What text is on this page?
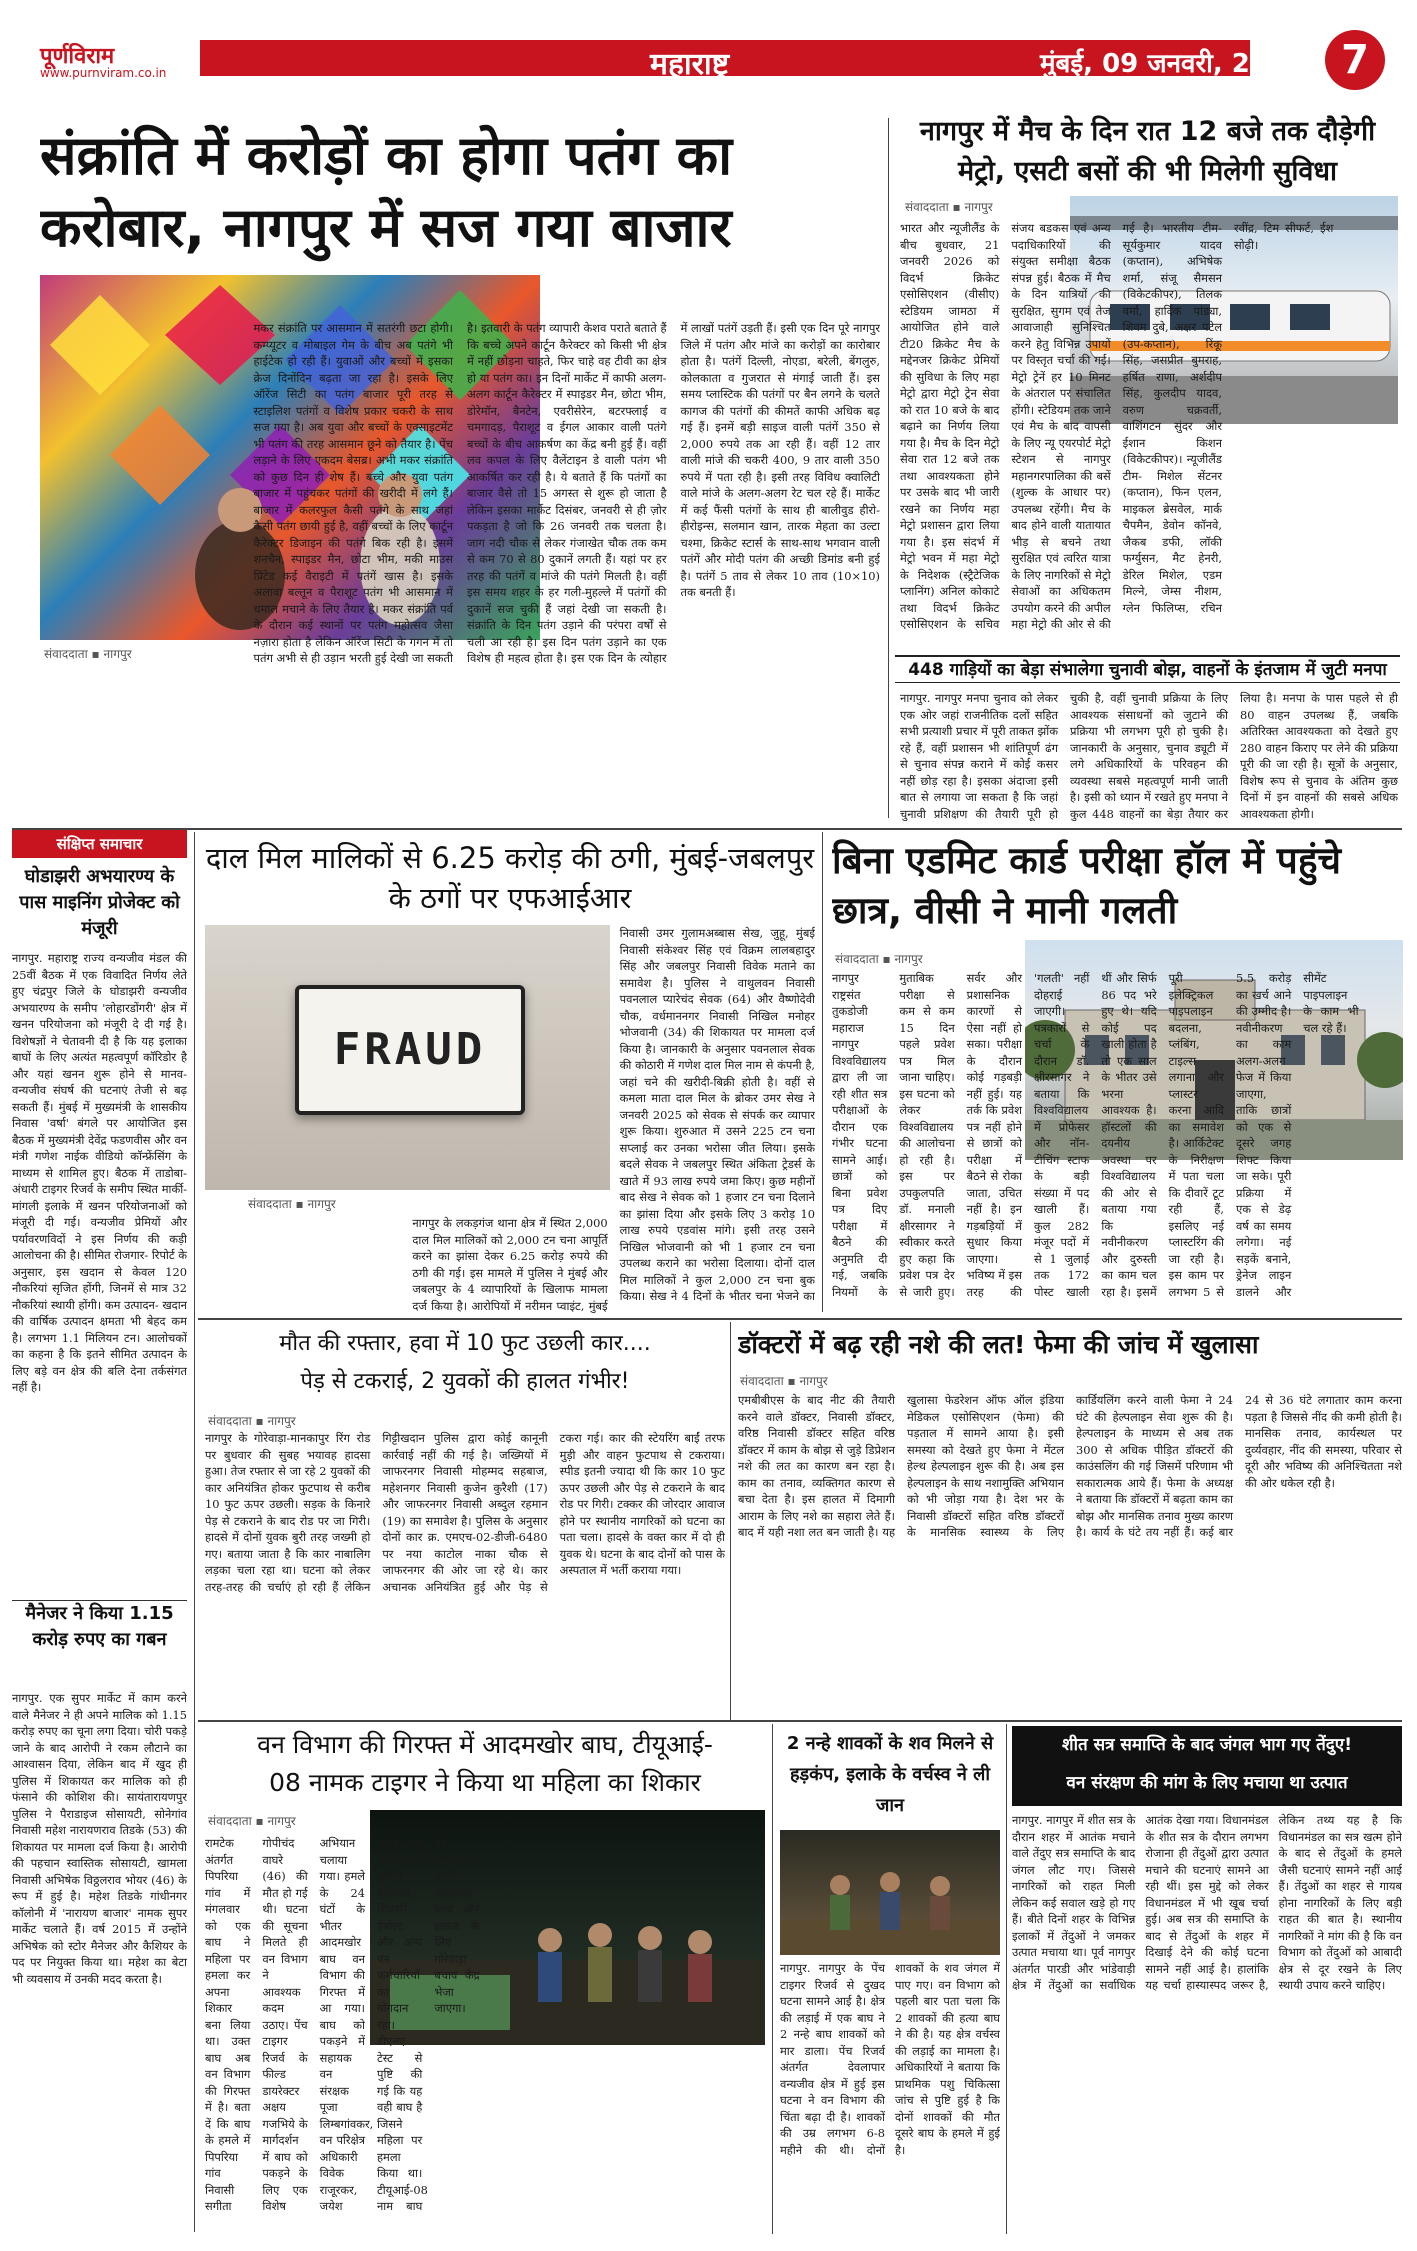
पूर्णविराम
www.purnviram.co.in	महाराष्ट्र	मुंबई, 09 जनवरी, 2026 7
संक्रांति में करोड़ों का होगा पतंग का
करोबार, नागपुर में सज गया बाजार
संवाददाता ▪ नागपुर

मकर संक्रांति पर आसमान में सतरंगी छटा होगी। कम्प्यूटर व मोबाइल गेम के बीच अब पतंगे भी हाईटेक हो रही हैं। युवाओं और बच्चों में इसका क्रेज दिनोंदिन बढ़ता जा रहा है। इसके लिए ऑरेंज सिटी का पतंग बाजार पूरी तरह से स्टाइलिश पतंगों व विशेष प्रकार चकरी के साथ सज गया है। अब युवा और बच्चों के एक्साइटमेंट भी पतंग की तरह आसमान छूने को तैयार है। पेंच लड़ाने के लिए एकदम बेसब्र। अभी मकर संक्रांति को कुछ दिन ही शेष हैं। बच्चे और युवा पतंग बाजार में पहुंचकर पतंगों की खरीदी में लगे हैं। बाजार में कलरफुल कैसी पतंगे के साथ जहां कैसी पतंग छायी हुई है, वहीं बच्चों के लिए कार्टून कैरेक्टर डिजाइन की पतंगे बिक रही है। इसमें शनचैन, स्पाइडर मैन, छोटा भीम, मकी माउस प्रिंटेड कई वैराइटी में पतंगें खास है। इसके अलावा बल्तून व पैराशूट पतंग भी आसमान में धमाल मचाने के लिए तैयार है। मकर संक्रांति पर्व के दौरान कई स्थानों पर पतंग महोत्सव जैसा नज़ारा होता है लेकिन ऑरेंज सिटी के गगन में तो पतंग अभी से ही उड़ान भरती हुई देखी जा सकती है। इतवारी के पतंग व्यापारी केशव पराते बताते हैं कि बच्चे अपने कार्टून कैरेक्टर को किसी भी क्षेत्र में नहीं छोड़ना चाहते, फिर चाहे वह टीवी का क्षेत्र हो या पतंग का। इन दिनों मार्केट में काफी अलग-अलग कार्टून कैरेक्टर में स्पाइडर मैन, छोटा भीम, डोरेमॉन, बैनटेन, एवरीसेरेन, बटरफ्लाई व चमगादड़, पैराशूट व ईगल आकार वाली पतंगे बच्चों के बीच आकर्षण का केंद्र बनी हुई हैं। वहीं लव कपल के लिए वैलेंटाइन डे वाली पतंग भी आकर्षित कर रही है। ये बताते हैं कि पतंगों का बाजार वैसे तो 15 अगस्त से शुरू हो जाता है लेकिन इसका मार्केट दिसंबर, जनवरी से ही ज़ोर पकड़ता है जो कि 26 जनवरी तक चलता है। जाग नदी चौक से लेकर गंजाखेत चौक तक कम से कम 70 से 80 दुकानें लगती हैं। यहां पर हर तरह की पतंगें व मांजे की पतंगे मिलती है। वहीं इस समय शहर के हर गली-मुहल्ले में पतंगों की दुकानें सज चुकी हैं जहां देखी जा सकती है। संक्रांति के दिन पतंग उड़ाने की परंपरा वर्षों से चली आ रही है। इस दिन पतंग उड़ाने का एक विशेष ही महत्व होता है। इस एक दिन के त्योहार में लाखों पतंगें उड़ती हैं। इसी एक दिन पूरे नागपुर जिले में पतंग और मांजे का करोड़ों का कारोबार होता है। पतंगें दिल्ली, नोएडा, बरेली, बेंगलुरु, कोलकाता व गुजरात से मंगाई जाती हैं। इस समय प्लास्टिक की पतंगों पर बैन लगने के चलते कागज की पतंगों की कीमतें काफी अधिक बढ़ गई हैं। इनमें बड़ी साइज वाली पतंगें 350 से 2,000 रुपये तक आ रही हैं। वहीं 12 तार वाली मांजे की चकरी 400, 9 तार वाली 350 रुपये में पता रही है। इसी तरह विविध क्वालिटी वाले मांजे के अलग-अलग रेट चल रहे हैं। मार्केट में कई फैंसी पतंगों के साथ ही बालीवुड हीरो-हीरोइन्स, सलमान खान, तारक मेहता का उल्टा चश्मा, क्रिकेट स्टार्स के साथ-साथ भगवान वाली पतंगें और मोदी पतंग की अच्छी डिमांड बनी हुई है। पतंगें 5 ताव से लेकर 10 ताव (10×10) तक बनती हैं।

नागपुर में मैच के दिन रात 12 बजे तक दौड़ेगी मेट्रो, एसटी बसों की भी मिलेगी सुविधा
संवाददाता ▪ नागपुर

भारत और न्यूजीलैंड के बीच बुधवार, 21 जनवरी 2026 को विदर्भ क्रिकेट एसोसिएशन (वीसीए) स्टेडियम जामठा में आयोजित होने वाले टी20 क्रिकेट मैच के मद्देनजर क्रिकेट प्रेमियों की सुविधा के लिए महा मेट्रो द्वारा मेट्रो ट्रेन सेवा को रात 10 बजे के बाद बढ़ाने का निर्णय लिया गया है। मैच के दिन मेट्रो सेवा रात 12 बजे तक तथा आवश्यकता होने पर उसके बाद भी जारी रखने का निर्णय महा मेट्रो प्रशासन द्वारा लिया गया है। इस संदर्भ में मेट्रो भवन में महा मेट्रो के निदेशक (स्ट्रैटेजिक प्लानिंग) अनिल कोकाटे तथा विदर्भ क्रिकेट एसोसिएशन के सचिव संजय बडकस एवं अन्य पदाधिकारियों की संयुक्त समीक्षा बैठक संपन्न हुई। बैठक में मैच के दिन यात्रियों की सुरक्षित, सुगम एवं तेज आवाजाही सुनिश्चित करने हेतु विभिन्न उपायों पर विस्तृत चर्चा की गई। मेट्रो ट्रेनें हर 10 मिनट के अंतराल पर संचालित होंगी। स्टेडियम तक जाने एवं मैच के बाद वापसी के लिए न्यू एयरपोर्ट मेट्रो स्टेशन से नागपुर महानगरपालिका की बसें (शुल्क के आधार पर) उपलब्ध रहेंगी। मैच के बाद होने वाली यातायात भीड़ से बचने तथा सुरक्षित एवं त्वरित यात्रा के लिए नागरिकों से मेट्रो सेवाओं का अधिकतम उपयोग करने की अपील महा मेट्रो की ओर से की गई है। भारतीय टीम- सूर्यकुमार यादव (कप्तान), अभिषेक शर्मा, संजू सैमसन (विकेटकीपर), तिलक वर्मा, हार्दिक पांड्या, शिवम दुबे, अक्षर पटेल (उप-कप्तान), रिंकू सिंह, जसप्रीत बुमराह, हर्षित राणा, अर्शदीप सिंह, कुलदीप यादव, वरुण चक्रवर्ती, वाशिंगटन सुंदर और ईशान किशन (विकेटकीपर)। न्यूजीलैंड टीम- मिशेल सेंटनर (कप्तान), फिन एलन, माइकल ब्रेसवेल, मार्क चैपमैन, डेवोन कॉनवे, जैकब डफी, लॉकी फर्ग्युसन, मैट हेनरी, डेरिल मिशेल, एडम मिल्ने, जेम्स नीशम, ग्लेन फिलिप्स, रचिन रवींद्र, टिम सीफर्ट, ईश सोढ़ी।

448 गाड़ियों का बेड़ा संभालेगा चुनावी बोझ, वाहनों के इंतजाम में जुटी मनपा

नागपुर. नागपुर मनपा चुनाव को लेकर एक ओर जहां राजनीतिक दलों सहित सभी प्रत्याशी प्रचार में पूरी ताकत झोंक रहे हैं, वहीं प्रशासन भी शांतिपूर्ण ढंग से चुनाव संपन्न कराने में कोई कसर नहीं छोड़ रहा है। इसका अंदाजा इसी बात से लगाया जा सकता है कि जहां चुनावी प्रशिक्षण की तैयारी पूरी हो चुकी है, वहीं चुनावी प्रक्रिया के लिए आवश्यक संसाधनों को जुटाने की प्रक्रिया भी लगभग पूरी हो चुकी है। जानकारी के अनुसार, चुनाव ड्यूटी में लगे अधिकारियों के परिवहन की व्यवस्था सबसे महत्वपूर्ण मानी जाती है। इसी को ध्यान में रखते हुए मनपा ने कुल 448 वाहनों का बेड़ा तैयार कर लिया है। मनपा के पास पहले से ही 80 वाहन उपलब्ध हैं, जबकि अतिरिक्त आवश्यकता को देखते हुए 280 वाहन किराए पर लेने की प्रक्रिया पूरी की जा रही है। सूत्रों के अनुसार, विशेष रूप से चुनाव के अंतिम कुछ दिनों में इन वाहनों की सबसे अधिक आवश्यकता होगी।

संक्षिप्त समाचार
घोडाझरी अभयारण्य के पास माइनिंग प्रोजेक्ट को मंजूरी
नागपुर. महाराष्ट्र राज्य वन्यजीव मंडल की 25वीं बैठक में एक विवादित निर्णय लेते हुए चंद्रपुर जिले के घोडाझरी वन्यजीव अभयारण्य के समीप 'लोहारडोंगरी' क्षेत्र में खनन परियोजना को मंजूरी दे दी गई है। विशेषज्ञों ने चेतावनी दी है कि यह इलाका बाघों के लिए अत्यंत महत्वपूर्ण कॉरिडोर है और यहां खनन शुरू होने से मानव-वन्यजीव संघर्ष की घटनाएं तेजी से बढ़ सकती हैं। मुंबई में मुख्यमंत्री के शासकीय निवास 'वर्षा' बंगले पर आयोजित इस बैठक में मुख्यमंत्री देवेंद्र फडणवीस और वन मंत्री गणेश नाईक वीडियो कॉन्फ्रेंसिंग के माध्यम से शामिल हुए। बैठक में ताडोबा-अंधारी टाइगर रिजर्व के समीप स्थित मार्की-मांगली इलाके में खनन परियोजनाओं को मंजूरी दी गई। वन्यजीव प्रेमियों और पर्यावरणविदों ने इस निर्णय की कड़ी आलोचना की है। सीमित रोजगार- रिपोर्ट के अनुसार, इस खदान से केवल 120 नौकरियां सृजित होंगी, जिनमें से मात्र 32 नौकरियां स्थायी होंगी। कम उत्पादन- खदान की वार्षिक उत्पादन क्षमता भी बेहद कम है। लगभग 1.1 मिलियन टन। आलोचकों का कहना है कि इतने सीमित उत्पादन के लिए बड़े वन क्षेत्र की बलि देना तर्कसंगत नहीं है।
मैनेजर ने किया 1.15 करोड़ रुपए का गबन
नागपुर. एक सुपर मार्केट में काम करने वाले मैनेजर ने ही अपने मालिक को 1.15 करोड़ रुपए का चूना लगा दिया। चोरी पकड़े जाने के बाद आरोपी ने रकम लौटाने का आश्वासन दिया, लेकिन बाद में खुद ही पुलिस में शिकायत कर मालिक को ही फंसाने की कोशिश की। सायंतारायणपुर पुलिस ने पैराडाइज सोसायटी, सोनेगांव निवासी महेश नारायणराव तिडके (53) की शिकायत पर मामला दर्ज किया है। आरोपी की पहचान स्वास्तिक सोसायटी, खामला निवासी अभिषेक विठ्ठलराव भोयर (46) के रूप में हुई है। महेश तिडके गांधीनगर कॉलोनी में 'नारायण बाजार' नामक सुपर मार्केट चलाते हैं। वर्ष 2015 में उन्होंने अभिषेक को स्टोर मैनेजर और कैशियर के पद पर नियुक्त किया था। महेश का बेटा भी व्यवसाय में उनकी मदद करता है।
दाल मिल मालिकों से 6.25 करोड़ की ठगी, मुंबई-जबलपुर के ठगों पर एफआईआर
FRAUD
संवाददाता ▪ नागपुर

नागपुर के लकड़गंज थाना क्षेत्र में स्थित 2,000 दाल मिल मालिकों को 2,000 टन चना आपूर्ति करने का झांसा देकर 6.25 करोड़ रुपये की ठगी की गई। इस मामले में पुलिस ने मुंबई और जबलपुर के 4 व्यापारियों के खिलाफ मामला दर्ज किया है। आरोपियों में नरीमन प्वाइंट, मुंबई निवासी उमर गुलामअब्बास सेख, जुहू, मुंबई निवासी संकेश्वर सिंह एवं विक्रम लालबहादुर सिंह और जबलपुर निवासी विवेक मताने का समावेश है। पुलिस ने वाथुलवन निवासी पवनलाल प्यारेचंद सेवक (64) और वैष्णोदेवी चौक, वर्धमाननगर निवासी निखिल मनोहर भोजवानी (34) की शिकायत पर मामला दर्ज किया है। जानकारी के अनुसार पवनलाल सेवक की कोठारी में गणेश दाल मिल नाम से कंपनी है, जहां चने की खरीदी-बिक्री होती है। वहीं से कमला माता दाल मिल के ब्रोकर उमर सेख ने जनवरी 2025 को सेवक से संपर्क कर व्यापार शुरू किया। शुरुआत में उसने 225 टन चना सप्लाई कर उनका भरोसा जीत लिया। इसके बदले सेवक ने जबलपुर स्थित अंकिता ट्रेडर्स के खाते में 93 लाख रुपये जमा किए। कुछ महीनों बाद सेख ने सेवक को 1 हजार टन चना दिलाने का झांसा दिया और इसके लिए 3 करोड़ 10 लाख रुपये एडवांस मांगे। इसी तरह उसने निखिल भोजवानी को भी 1 हजार टन चना उपलब्ध कराने का भरोसा दिलाया। दोनों दाल मिल मालिकों ने कुल 2,000 टन चना बुक किया। सेख ने 4 दिनों के भीतर चना भेजने का

बिना एडमिट कार्ड परीक्षा हॉल में पहुंचे छात्र, वीसी ने मानी गलती
संवाददाता ▪ नागपुर

नागपुर राष्ट्रसंत तुकडोजी महाराज नागपुर विश्वविद्यालय द्वारा ली जा रही शीत सत्र परीक्षाओं के दौरान एक गंभीर घटना सामने आई। छात्रों को बिना प्रवेश पत्र दिए परीक्षा में बैठने की अनुमति दी गई, जबकि नियमों के मुताबिक परीक्षा से कम से कम 15 दिन पहले प्रवेश पत्र मिल जाना चाहिए। इस घटना को लेकर विश्वविद्यालय की आलोचना हो रही है। इस पर उपकुलपति डॉ. मनाली क्षीरसागर ने स्वीकार करते हुए कहा कि प्रवेश पत्र देर से जारी हुए। सर्वर और प्रशासनिक कारणों से ऐसा नहीं हो सका। परीक्षा के दौरान कोई गड़बड़ी नहीं हुई। यह तर्क कि प्रवेश पत्र नहीं होने से छात्रों को परीक्षा में बैठने से रोका जाता, उचित नहीं है। इन गड़बड़ियों में सुधार किया जाएगा। भविष्य में इस तरह की 'गलती' नहीं दोहराई जाएगी। पत्रकारों से चर्चा के दौरान डॉ. क्षीरसागर ने बताया कि विश्वविद्यालय में प्रोफेसर और नॉन-टीचिंग स्टाफ के बड़ी संख्या में पद खाली हैं। कुल 282 मंजूर पदों में से 1 जुलाई तक 172 पोस्ट खाली थीं और सिर्फ 86 पद भरे हुए थे। यदि कोई पद खाली होता है तो एक साल के भीतर उसे भरना आवश्यक है। हॉस्टलों की दयनीय अवस्था पर विश्वविद्यालय की ओर से बताया गया कि नवीनीकरण और दुरुस्ती का काम चल रहा है। इसमें पूरी इलेक्ट्रिकल पाइपलाइन बदलना, प्लंबिंग, टाइल्स लगाना और प्लास्टर करना आदि का समावेश है। आर्किटेक्ट के निरीक्षण में पता चला कि दीवारें टूट रही हैं, इसलिए नई प्लास्टरिंग की जा रही है। इस काम पर लगभग 5 से 5.5 करोड़ का खर्च आने की उम्मीद है। नवीनीकरण का काम अलग-अलग फेज में किया जाएगा, ताकि छात्रों को एक से दूसरे जगह शिफ्ट किया जा सके। पूरी प्रक्रिया में एक से डेढ़ वर्ष का समय लगेगा। नई सड़कें बनाने, ड्रेनेज लाइन डालने और सीमेंट पाइपलाइन के काम भी चल रहे हैं।

मौत की रफ्तार, हवा में 10 फुट उछली कार....
पेड़ से टकराई, 2 युवकों की हालत गंभीर!
संवाददाता ▪ नागपुर

नागपुर के गोरेवाड़ा-मानकापुर रिंग रोड पर बुधवार की सुबह भयावह हादसा हुआ। तेज रफ्तार से जा रहे 2 युवकों की कार अनियंत्रित होकर फुटपाथ से करीब 10 फुट ऊपर उछली। सड़क के किनारे पेड़ से टकराने के बाद रोड पर जा गिरी। हादसे में दोनों युवक बुरी तरह जख्मी हो गए। बताया जाता है कि कार नाबालिग लड़का चला रहा था। घटना को लेकर तरह-तरह की चर्चाएं हो रही हैं लेकिन गिट्टीखदान पुलिस द्वारा कोई कानूनी कार्रवाई नहीं की गई है। जख्मियों में जाफरनगर निवासी मोहम्मद सहबाज, महेशनगर निवासी कुजेन कुरैशी (17) और जाफरनगर निवासी अब्दुल रहमान (19) का समावेश है। पुलिस के अनुसार दोनों कार क्र. एमएच-02-डीजी-6480 पर नया काटोल नाका चौक से जाफरनगर की ओर जा रहे थे। कार अचानक अनियंत्रित हुई और पेड़ से टकरा गई। कार की स्टेयरिंग बाईं तरफ मुड़ी और वाहन फुटपाथ से टकराया। स्पीड इतनी ज्यादा थी कि कार 10 फुट ऊपर उछली और पेड़ से टकराने के बाद रोड पर गिरी। टक्कर की जोरदार आवाज होने पर स्थानीय नागरिकों को घटना का पता चला। हादसे के वक्त कार में दो ही युवक थे। घटना के बाद दोनों को पास के अस्पताल में भर्ती कराया गया।

डॉक्टरों में बढ़ रही नशे की लत! फेमा की जांच में खुलासा
संवाददाता ▪ नागपुर

एमबीबीएस के बाद नीट की तैयारी करने वाले डॉक्टर, निवासी डॉक्टर, वरिष्ठ निवासी डॉक्टर सहित वरिष्ठ डॉक्टर में काम के बोझ से जुड़े डिप्रेशन नशे की लत का कारण बन रहा है। काम का तनाव, व्यक्तिगत कारण से बचा देता है। इस हालत में दिमागी आराम के लिए नशे का सहारा लेते हैं। बाद में यही नशा लत बन जाती है। यह खुलासा फेडरेशन ऑफ ऑल इंडिया मेडिकल एसोसिएशन (फेमा) की पड़ताल में सामने आया है। इसी समस्या को देखते हुए फेमा ने मेंटल हेल्थ हेल्पलाइन शुरू की है। अब इस हेल्पलाइन के साथ नशामुक्ति अभियान को भी जोड़ा गया है। देश भर के निवासी डॉक्टरों सहित वरिष्ठ डॉक्टरों के मानसिक स्वास्थ्य के लिए कार्डियलिंग करने वाली फेमा ने 24 घंटे की हेल्पलाइन सेवा शुरू की है। हेल्पलाइन के माध्यम से अब तक 300 से अधिक पीड़ित डॉक्टरों की काउंसलिंग की गई जिसमें परिणाम भी सकारात्मक आये हैं। फेमा के अध्यक्ष ने बताया कि डॉक्टरों में बढ़ता काम का बोझ और मानसिक तनाव मुख्य कारण है। कार्य के घंटे तय नहीं हैं। कई बार 24 से 36 घंटे लगातार काम करना पड़ता है जिससे नींद की कमी होती है। मानसिक तनाव, कार्यस्थल पर दुर्व्यवहार, नींद की समस्या, परिवार से दूरी और भविष्य की अनिश्चितता नशे की ओर धकेल रही है।

वन विभाग की गिरफ्त में आदमखोर बाघ, टीयूआई-
08 नामक टाइगर ने किया था महिला का शिकार
संवाददाता ▪ नागपुर

रामटेक अंतर्गत पिपरिया गांव में मंगलवार को एक बाघ ने महिला पर हमला कर अपना शिकार बना लिया था। उक्त बाघ अब वन विभाग की गिरफ्त में है। बता दें कि बाघ के हमले में पिपरिया गांव निवासी सगीता गोपीचंद वाघरे (46) की मौत हो गई थी। घटना की सूचना मिलते ही वन विभाग ने आवश्यक कदम उठाए। पेंच टाइगर रिजर्व के फील्ड डायरेक्टर अक्षय गजभिये के मार्गदर्शन में बाघ को पकड़ने के लिए एक विशेष अभियान चलाया गया। हमले के 24 घंटों के भीतर आदमखोर बाघ वन विभाग की गिरफ्त में आ गया। बाघ को पकड़ने में सहायक वन संरक्षक पूजा लिम्बगांवकर, वन परिक्षेत्र अधिकारी विवेक राजूरकर, जयेश तायडे, पशु चिकित्सक सुजीत कोलंगथ, शिकारी हेबोल्ट और अन्य वन कर्मचारियों का योगदान रहा। डीएनए टेस्ट से पुष्टि की गई कि यह वही बाघ है जिसने महिला पर हमला किया था। टीयूआई-08 नाम बाघ को पकड़कर अभी आवश्यक जांच और इलाज के लिए गोरेवाड़ा बचाव केंद्र भेजा जाएगा।

2 नन्हे शावकों के शव मिलने से हड़कंप, इलाके के वर्चस्व ने ली जान

नागपुर. नागपुर के पेंच टाइगर रिजर्व से दुखद घटना सामने आई है। क्षेत्र की लड़ाई में एक बाघ ने 2 नन्हे बाघ शावकों को मार डाला। पेंच रिजर्व अंतर्गत देवलापार वन्यजीव क्षेत्र में हुई इस घटना ने वन विभाग की चिंता बढ़ा दी है। शावकों की उम्र लगभग 6-8 महीने की थी। दोनों शावकों के शव जंगल में पाए गए। वन विभाग को पहली बार पता चला कि 2 शावकों की हत्या बाघ ने की है। यह क्षेत्र वर्चस्व की लड़ाई का मामला है। अधिकारियों ने बताया कि प्राथमिक पशु चिकित्सा जांच से पुष्टि हुई है कि दोनों शावकों की मौत दूसरे बाघ के हमले में हुई है।

शीत सत्र समाप्ति के बाद जंगल भाग गए तेंदुए!
वन संरक्षण की मांग के लिए मचाया था उत्पात

नागपुर. नागपुर में शीत सत्र के दौरान शहर में आतंक मचाने वाले तेंदुए सत्र समाप्ति के बाद जंगल लौट गए। जिससे नागरिकों को राहत मिली लेकिन कई सवाल खड़े हो गए हैं। बीते दिनों शहर के विभिन्न इलाकों में तेंदुओं ने जमकर उत्पात मचाया था। पूर्व नागपुर अंतर्गत पारडी और भांडेवाड़ी क्षेत्र में तेंदुओं का सर्वाधिक आतंक देखा गया। विधानमंडल के शीत सत्र के दौरान लगभग रोजाना ही तेंदुओं द्वारा उत्पात मचाने की घटनाएं सामने आ रही थीं। इस मुद्दे को लेकर विधानमंडल में भी खूब चर्चा हुई। अब सत्र की समाप्ति के बाद से तेंदुओं के शहर में दिखाई देने की कोई घटना सामने नहीं आई है। हालांकि यह चर्चा हास्यास्पद जरूर है, लेकिन तथ्य यह है कि विधानमंडल का सत्र खत्म होने के बाद से तेंदुओं के हमले जैसी घटनाएं सामने नहीं आई हैं। तेंदुओं का शहर से गायब होना नागरिकों के लिए बड़ी राहत की बात है। स्थानीय नागरिकों ने मांग की है कि वन विभाग को तेंदुओं को आबादी क्षेत्र से दूर रखने के लिए स्थायी उपाय करने चाहिए।
